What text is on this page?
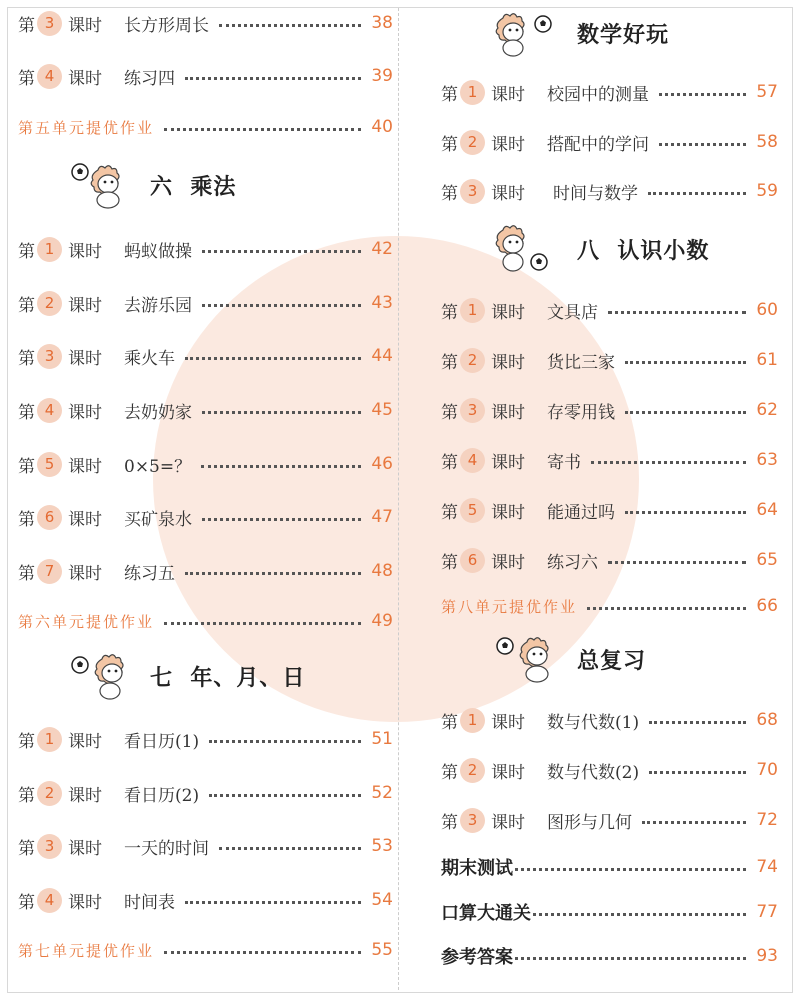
第 3 课时 长方形周长	38
第 4 课时 练习四	39
第五单元提优作业	40
六  乘法
第 1 课时 蚂蚁做操	42
第 2 课时 去游乐园	43
第 3 课时 乘火车	44
第 4 课时 去奶奶家	45
第 5 课时 0×5=？	46
第 6 课时 买矿泉水	47
第 7 课时 练习五	48
第六单元提优作业	49
七  年、月、日
第 1 课时 看日历(1)	51
第 2 课时 看日历(2)	52
第 3 课时 一天的时间	53
第 4 课时 时间表	54
第七单元提优作业	55
数学好玩
第 1 课时 校园中的测量	57
第 2 课时 搭配中的学问	58
第 3 课时 时间与数学	59
八  认识小数
第 1 课时 文具店	60
第 2 课时 货比三家	61
第 3 课时 存零用钱	62
第 4 课时 寄书	63
第 5 课时 能通过吗	64
第 6 课时 练习六	65
第八单元提优作业	66
总复习
第 1 课时 数与代数(1)	68
第 2 课时 数与代数(2)	70
第 3 课时 图形与几何	72
期末测试	74
口算大通关	77
参考答案	93
